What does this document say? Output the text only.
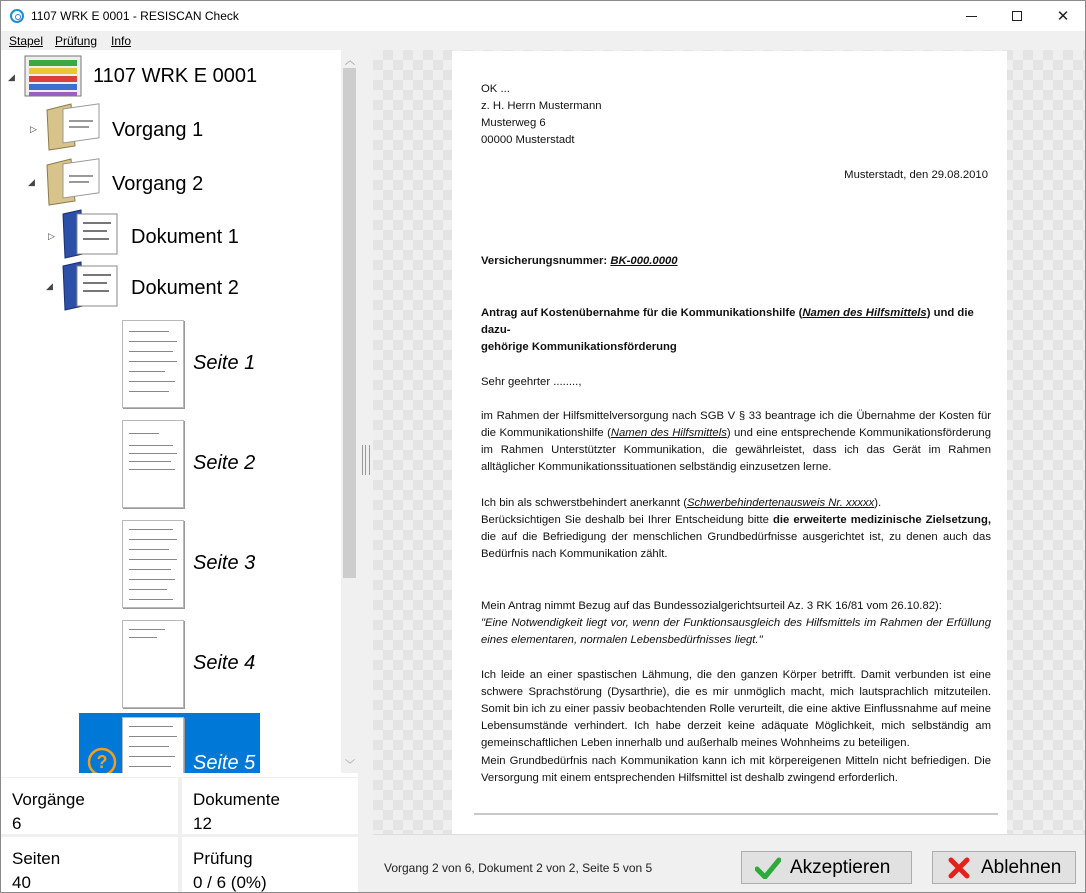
1107 WRK E 0001 - RESISCAN Check	✕
Stapel Prüfung Info
◢	1107 WRK E 0001
▷	Vorgang 1
◢	Vorgang 2
▷	Dokument 1
◢	Dokument 2
Seite 1
Seite 2
Seite 3
Seite 4
?	Seite 5
︿
﹀
Vorgänge
6
Dokumente
12
Seiten
40
Prüfung
0 / 6 (0%)

OK ...

z. H. Herrn Mustermann

Musterweg 6

00000 Musterstadt

Musterstadt, den 29.08.2010

Versicherungsnummer: BK-000.0000

Antrag auf Kostenübernahme für die Kommunikationshilfe (Namen des Hilfsmittels) und die dazu-
gehörige Kommunikationsförderung

Sehr geehrter ........,

im Rahmen der Hilfsmittelversorgung nach SGB V § 33 beantrage ich die Übernahme der Kosten für die Kommunikationshilfe (Namen des Hilfsmittels) und eine entsprechende Kommunikationsförderung im Rahmen Unterstützter Kommunikation, die gewährleistet, dass ich das Gerät im Rahmen alltäglicher Kommunikationssituationen selbständig einzusetzen lerne.

Ich bin als schwerstbehindert anerkannt (Schwerbehindertenausweis Nr. xxxxx).
Berücksichtigen Sie deshalb bei Ihrer Entscheidung bitte die erweiterte medizinische Zielsetzung, die auf die Befriedigung der menschlichen Grundbedürfnisse ausgerichtet ist, zu denen auch das Bedürfnis nach Kommunikation zählt.

Mein Antrag nimmt Bezug auf das Bundessozialgerichtsurteil Az. 3 RK 16/81 vom 26.10.82):

"Eine Notwendigkeit liegt vor, wenn der Funktionsausgleich des Hilfsmittels im Rahmen der Erfüllung eines elementaren, normalen Lebensbedürfnisses liegt."

Ich leide an einer spastischen Lähmung, die den ganzen Körper betrifft. Damit verbunden ist eine schwere Sprachstörung (Dysarthrie), die es mir unmöglich macht, mich lautsprachlich mitzuteilen. Somit bin ich zu einer passiv beobachtenden Rolle verurteilt, die eine aktive Einflussnahme auf meine Lebensumstände verhindert. Ich habe derzeit keine adäquate Möglichkeit, mich selbständig am gemeinschaftlichen Leben innerhalb und außerhalb meines Wohnheims zu beteiligen.

Mein Grundbedürfnis nach Kommunikation kann ich mit körpereigenen Mitteln nicht befriedigen. Die Versorgung mit einem entsprechenden Hilfsmittel ist deshalb zwingend erforderlich.

Vorgang 2 von 6, Dokument 2 von 2, Seite 5 von 5	Akzeptieren	Ablehnen
